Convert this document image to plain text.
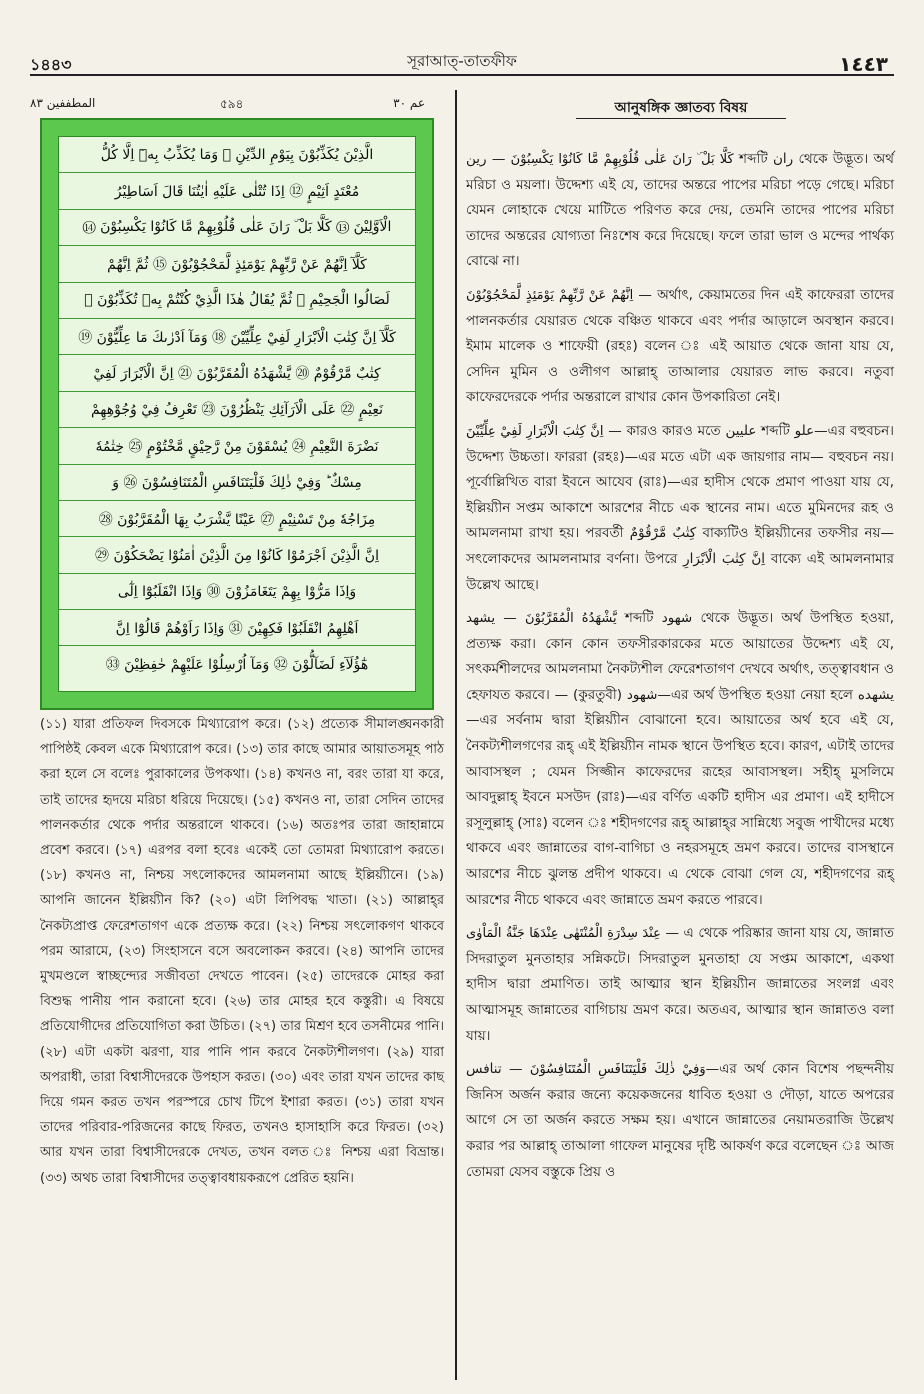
১৪৪৩	সূরাআত্‌-তাতফীফ	١٤٤٣
المطففين ٨٣	৫৯৪	عم ٣٠
الَّذِيْنَ يُكَذِّبُوْنَ بِيَوْمِ الدِّيْنِ ⑪ وَمَا يُكَذِّبُ بِهٖٓ اِلَّا كُلُّ
مُعْتَدٍ اَثِيْمٍ ⑫ اِذَا تُتْلٰى عَلَيْهِ اٰيٰتُنَا قَالَ اَسَاطِيْرُ
الْاَوَّلِيْنَ ⑬ كَلَّا بَلْ ۜ رَانَ عَلٰى قُلُوْبِهِمْ مَّا كَانُوْا يَكْسِبُوْنَ ⑭
كَلَّآ اِنَّهُمْ عَنْ رَّبِّهِمْ يَوْمَئِذٍ لَّمَحْجُوْبُوْنَ ⑮ ثُمَّ اِنَّهُمْ
لَصَالُوا الْجَحِيْمِ ⑯ ثُمَّ يُقَالُ هٰذَا الَّذِيْ كُنْتُمْ بِهٖ تُكَذِّبُوْنَ ⑰
كَلَّآ اِنَّ كِتٰبَ الْاَبْرَارِ لَفِيْ عِلِّيِّيْنَ ⑱ وَمَآ اَدْرٰىكَ مَا عِلِّيُّوْنَ ⑲
كِتٰبٌ مَّرْقُوْمٌ ⑳ يَّشْهَدُهُ الْمُقَرَّبُوْنَ ㉑ اِنَّ الْاَبْرَارَ لَفِيْ
نَعِيْمٍ ㉒ عَلَى الْاَرَآئِكِ يَنْظُرُوْنَ ㉓ تَعْرِفُ فِيْ وُجُوْهِهِمْ
نَضْرَةَ النَّعِيْمِ ㉔ يُسْقَوْنَ مِنْ رَّحِيْقٍ مَّخْتُوْمٍ ㉕ خِتٰمُهٗ
مِسْكٌ ؕ وَفِيْ ذٰلِكَ فَلْيَتَنَافَسِ الْمُتَنَافِسُوْنَ ㉖ وَ
مِزَاجُهٗ مِنْ تَسْنِيْمٍ ㉗ عَيْنًا يَّشْرَبُ بِهَا الْمُقَرَّبُوْنَ ㉘
اِنَّ الَّذِيْنَ اَجْرَمُوْا كَانُوْا مِنَ الَّذِيْنَ اٰمَنُوْا يَضْحَكُوْنَ ㉙
وَاِذَا مَرُّوْا بِهِمْ يَتَغَامَزُوْنَ ㉚ وَاِذَا انْقَلَبُوْٓا اِلٰٓى
اَهْلِهِمُ انْقَلَبُوْا فَكِهِيْنَ ㉛ وَاِذَا رَاَوْهُمْ قَالُوْٓا اِنَّ
هٰٓؤُلَآءِ لَضَآلُّوْنَ ㉜ وَمَآ اُرْسِلُوْا عَلَيْهِمْ حٰفِظِيْنَ ㉝
(১১) যারা প্রতিফল দিবসকে মিথ্যারোপ করে। (১২) প্রত্যেক সীমালঙ্ঘনকারী পাপিষ্ঠই কেবল একে মিথ্যারোপ করে। (১৩) তার কাছে আমার আয়াতসমূহ পাঠ করা হলে সে বলেঃ পুরাকালের উপকথা। (১৪) কখনও না, বরং তারা যা করে, তাই তাদের হৃদয়ে মরিচা ধরিয়ে দিয়েছে। (১৫) কখনও না, তারা সেদিন তাদের পালনকর্তার থেকে পর্দার অন্তরালে থাকবে। (১৬) অতঃপর তারা জাহান্নামে প্রবেশ করবে। (১৭) এরপর বলা হবেঃ একেই তো তোমরা মিথ্যারোপ করতে। (১৮) কখনও না, নিশ্চয় সৎলোকদের আমলনামা আছে ইল্লিয়্যীনে। (১৯) আপনি জানেন ইল্লিয়্যীন কি? (২০) এটা লিপিবদ্ধ খাতা। (২১) আল্লাহ্‌র নৈকট্যপ্রাপ্ত ফেরেশতাগণ একে প্রত্যক্ষ করে। (২২) নিশ্চয় সৎলোকগণ থাকবে পরম আরামে, (২৩) সিংহাসনে বসে অবলোকন করবে। (২৪) আপনি তাদের মুখমণ্ডলে স্বাচ্ছন্দ্যের সজীবতা দেখতে পাবেন। (২৫) তাদেরকে মোহর করা বিশুদ্ধ পানীয় পান করানো হবে। (২৬) তার মোহর হবে কস্তুরী। এ বিষয়ে প্রতিযোগীদের প্রতিযোগিতা করা উচিত। (২৭) তার মিশ্রণ হবে তসনীমের পানি। (২৮) এটা একটা ঝরণা, যার পানি পান করবে নৈকট্যশীলগণ। (২৯) যারা অপরাধী, তারা বিশ্বাসীদেরকে উপহাস করত। (৩০) এবং তারা যখন তাদের কাছ দিয়ে গমন করত তখন পরস্পরে চোখ টিপে ইশারা করত। (৩১) তারা যখন তাদের পরিবার-পরিজনের কাছে ফিরত, তখনও হাসাহাসি করে ফিরত। (৩২) আর যখন তারা বিশ্বাসীদেরকে দেখত, তখন বলত ঃ নিশ্চয় এরা বিভ্রান্ত। (৩৩) অথচ তারা বিশ্বাসীদের তত্ত্বাবধায়করূপে প্রেরিত হয়নি।
আনুষঙ্গিক জ্ঞাতব্য বিষয়

كَلَّا بَلْ ۜ رَانَ عَلٰى قُلُوْبِهِمْ مَّا كَانُوْا يَكْسِبُوْنَ — رين শব্দটি ران থেকে উদ্ভূত। অর্থ মরিচা ও ময়লা। উদ্দেশ্য এই যে, তাদের অন্তরে পাপের মরিচা পড়ে গেছে। মরিচা যেমন লোহাকে খেয়ে মাটিতে পরিণত করে দেয়, তেমনি তাদের পাপের মরিচা তাদের অন্তরের যোগ্যতা নিঃশেষ করে দিয়েছে। ফলে তারা ভাল ও মন্দের পার্থক্য বোঝে না।

اِنَّهُمْ عَنْ رَّبِّهِمْ يَوْمَئِذٍ لَّمَحْجُوْبُوْنَ — অর্থাৎ, কেয়ামতের দিন এই কাফেররা তাদের পালনকর্তার যেয়ারত থেকে বঞ্চিত থাকবে এবং পর্দার আড়ালে অবস্থান করবে। ইমাম মালেক ও শাফেয়ী (রহঃ) বলেন ঃ এই আয়াত থেকে জানা যায় যে, সেদিন মুমিন ও ওলীগণ আল্লাহ্‌ তাআলার যেয়ারত লাভ করবে। নতুবা কাফেরদেরকে পর্দার অন্তরালে রাখার কোন উপকারিতা নেই।

اِنَّ كِتٰبَ الْاَبْرَارِ لَفِيْ عِلِّيِّيْنَ — কারও কারও মতে عليين শব্দটি علو—এর বহুবচন। উদ্দেশ্য উচ্চতা। ফাররা (রহঃ)—এর মতে এটা এক জায়গার নাম— বহুবচন নয়। পূর্বোল্লিখিত বারা ইবনে আযেব (রাঃ)—এর হাদীস থেকে প্রমাণ পাওয়া যায় যে, ইল্লিয়্যীন সপ্তম আকাশে আরশের নীচে এক স্থানের নাম। এতে মুমিনদের রূহ ও আমলনামা রাখা হয়। পরবর্তী كِتٰبٌ مَّرْقُوْمٌ বাক্যটিও ইল্লিয়্যীনের তফসীর নয়— সৎলোকদের আমলনামার বর্ণনা। উপরে اِنَّ كِتٰبَ الْاَبْرَارِ বাক্যে এই আমলনামার উল্লেখ আছে।

يَّشْهَدُهُ الْمُقَرَّبُوْنَ — يشهد শব্দটি شهود থেকে উদ্ভূত। অর্থ উপস্থিত হওয়া, প্রত্যক্ষ করা। কোন কোন তফসীরকারকের মতে আয়াতের উদ্দেশ্য এই যে, সৎকর্মশীলদের আমলনামা নৈকট্যশীল ফেরেশতাগণ দেখবে অর্থাৎ, তত্ত্বাবধান ও হেফাযত করবে। — (কুরতুবী) شهود—এর অর্থ উপস্থিত হওয়া নেয়া হলে يشهده—এর সর্বনাম দ্বারা ইল্লিয়্যীন বোঝানো হবে। আয়াতের অর্থ হবে এই যে, নৈকট্যশীলগণের রূহ্‌ এই ইল্লিয়্যীন নামক স্থানে উপস্থিত হবে। কারণ, এটাই তাদের আবাসস্থল ; যেমন সিজ্জীন কাফেরদের রূহের আবাসস্থল। সহীহ্‌ মুসলিমে আবদুল্লাহ্‌ ইবনে মসউদ (রাঃ)—এর বর্ণিত একটি হাদীস এর প্রমাণ। এই হাদীসে রসূলুল্লাহ্‌ (সাঃ) বলেন ঃ শহীদগণের রূহ্‌ আল্লাহ্‌র সান্নিধ্যে সবুজ পাখীদের মধ্যে থাকবে এবং জান্নাতের বাগ-বাগিচা ও নহরসমূহে ভ্রমণ করবে। তাদের বাসস্থানে আরশের নীচে ঝুলন্ত প্রদীপ থাকবে। এ থেকে বোঝা গেল যে, শহীদগণের রূহ্‌ আরশের নীচে থাকবে এবং জান্নাতে ভ্রমণ করতে পারবে।

عِنْدَ سِدْرَةِ الْمُنْتَهٰى عِنْدَهَا جَنَّةُ الْمَاْوٰى — এ থেকে পরিষ্কার জানা যায় যে, জান্নাত সিদরাতুল মুনতাহার সন্নিকটে। সিদরাতুল মুনতাহা যে সপ্তম আকাশে, একথা হাদীস দ্বারা প্রমাণিত। তাই আত্মার স্থান ইল্লিয়্যীন জান্নাতের সংলগ্ন এবং আত্মাসমূহ জান্নাতের বাগিচায় ভ্রমণ করে। অতএব, আত্মার স্থান জান্নাতও বলা যায়।

وَفِيْ ذٰلِكَ فَلْيَتَنَافَسِ الْمُتَنَافِسُوْنَ — تنافس—এর অর্থ কোন বিশেষ পছন্দনীয় জিনিস অর্জন করার জন্যে কয়েকজনের ধাবিত হওয়া ও দৌড়া, যাতে অপরের আগে সে তা অর্জন করতে সক্ষম হয়। এখানে জান্নাতের নেয়ামতরাজি উল্লেখ করার পর আল্লাহ্‌ তাআলা গাফেল মানুষের দৃষ্টি আকর্ষণ করে বলেছেন ঃ আজ তোমরা যেসব বস্তুকে প্রিয় ও
